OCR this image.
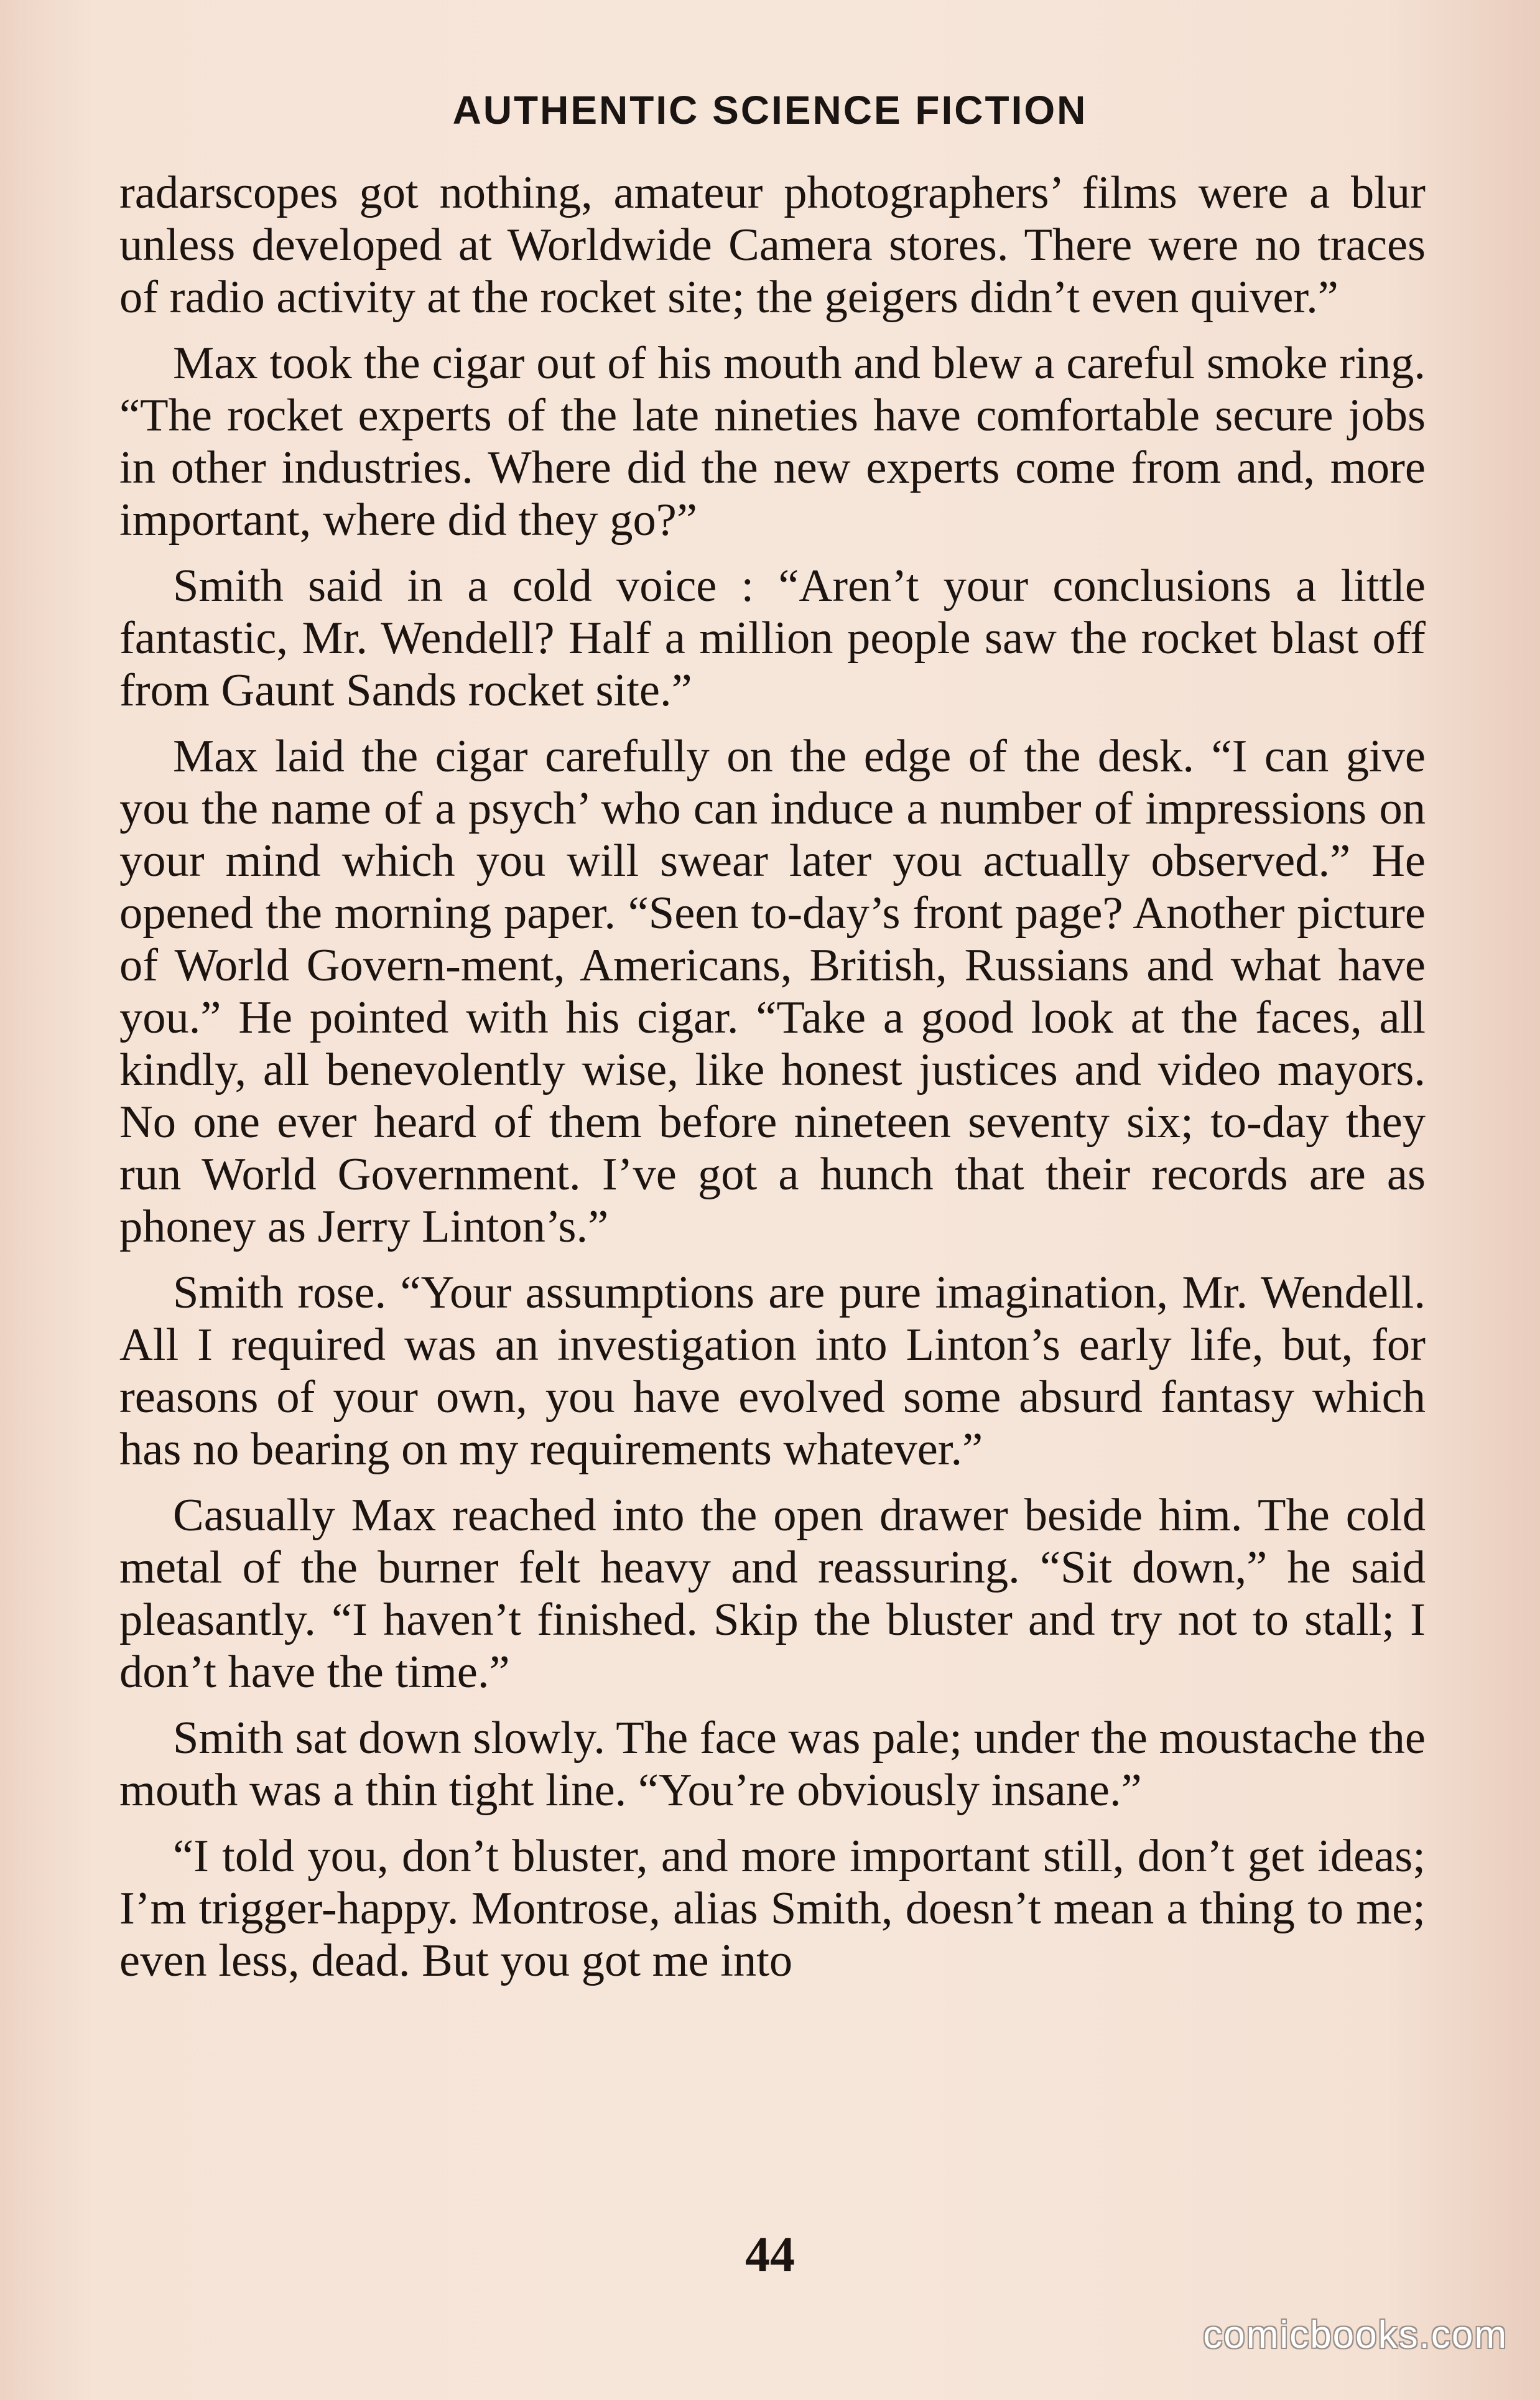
AUTHENTIC SCIENCE FICTION

radarscopes got nothing, amateur photographers’ films were a blur unless developed at Worldwide Camera stores. There were no traces of radio activity at the rocket site; the geigers didn’t even quiver.”

Max took the cigar out of his mouth and blew a careful smoke ring. “The rocket experts of the late nineties have comfortable secure jobs in other industries. Where did the new experts come from and, more important, where did they go?”

Smith said in a cold voice : “Aren’t your conclusions a little fantastic, Mr. Wendell? Half a million people saw the rocket blast off from Gaunt Sands rocket site.”

Max laid the cigar carefully on the edge of the desk. “I can give you the name of a psych’ who can induce a number of impressions on your mind which you will swear later you actually observed.” He opened the morning paper. “Seen to-day’s front page? Another picture of World Govern-ment, Americans, British, Russians and what have you.” He pointed with his cigar. “Take a good look at the faces, all kindly, all benevolently wise, like honest justices and video mayors. No one ever heard of them before nineteen seventy six; to-day they run World Government. I’ve got a hunch that their records are as phoney as Jerry Linton’s.”

Smith rose. “Your assumptions are pure imagination, Mr. Wendell. All I required was an investigation into Linton’s early life, but, for reasons of your own, you have evolved some absurd fantasy which has no bearing on my requirements whatever.”

Casually Max reached into the open drawer beside him. The cold metal of the burner felt heavy and reassuring. “Sit down,” he said pleasantly. “I haven’t finished. Skip the bluster and try not to stall; I don’t have the time.”

Smith sat down slowly. The face was pale; under the moustache the mouth was a thin tight line. “You’re obviously insane.”

“I told you, don’t bluster, and more important still, don’t get ideas; I’m trigger-happy. Montrose, alias Smith, doesn’t mean a thing to me; even less, dead. But you got me into

44
comicbooks.com
